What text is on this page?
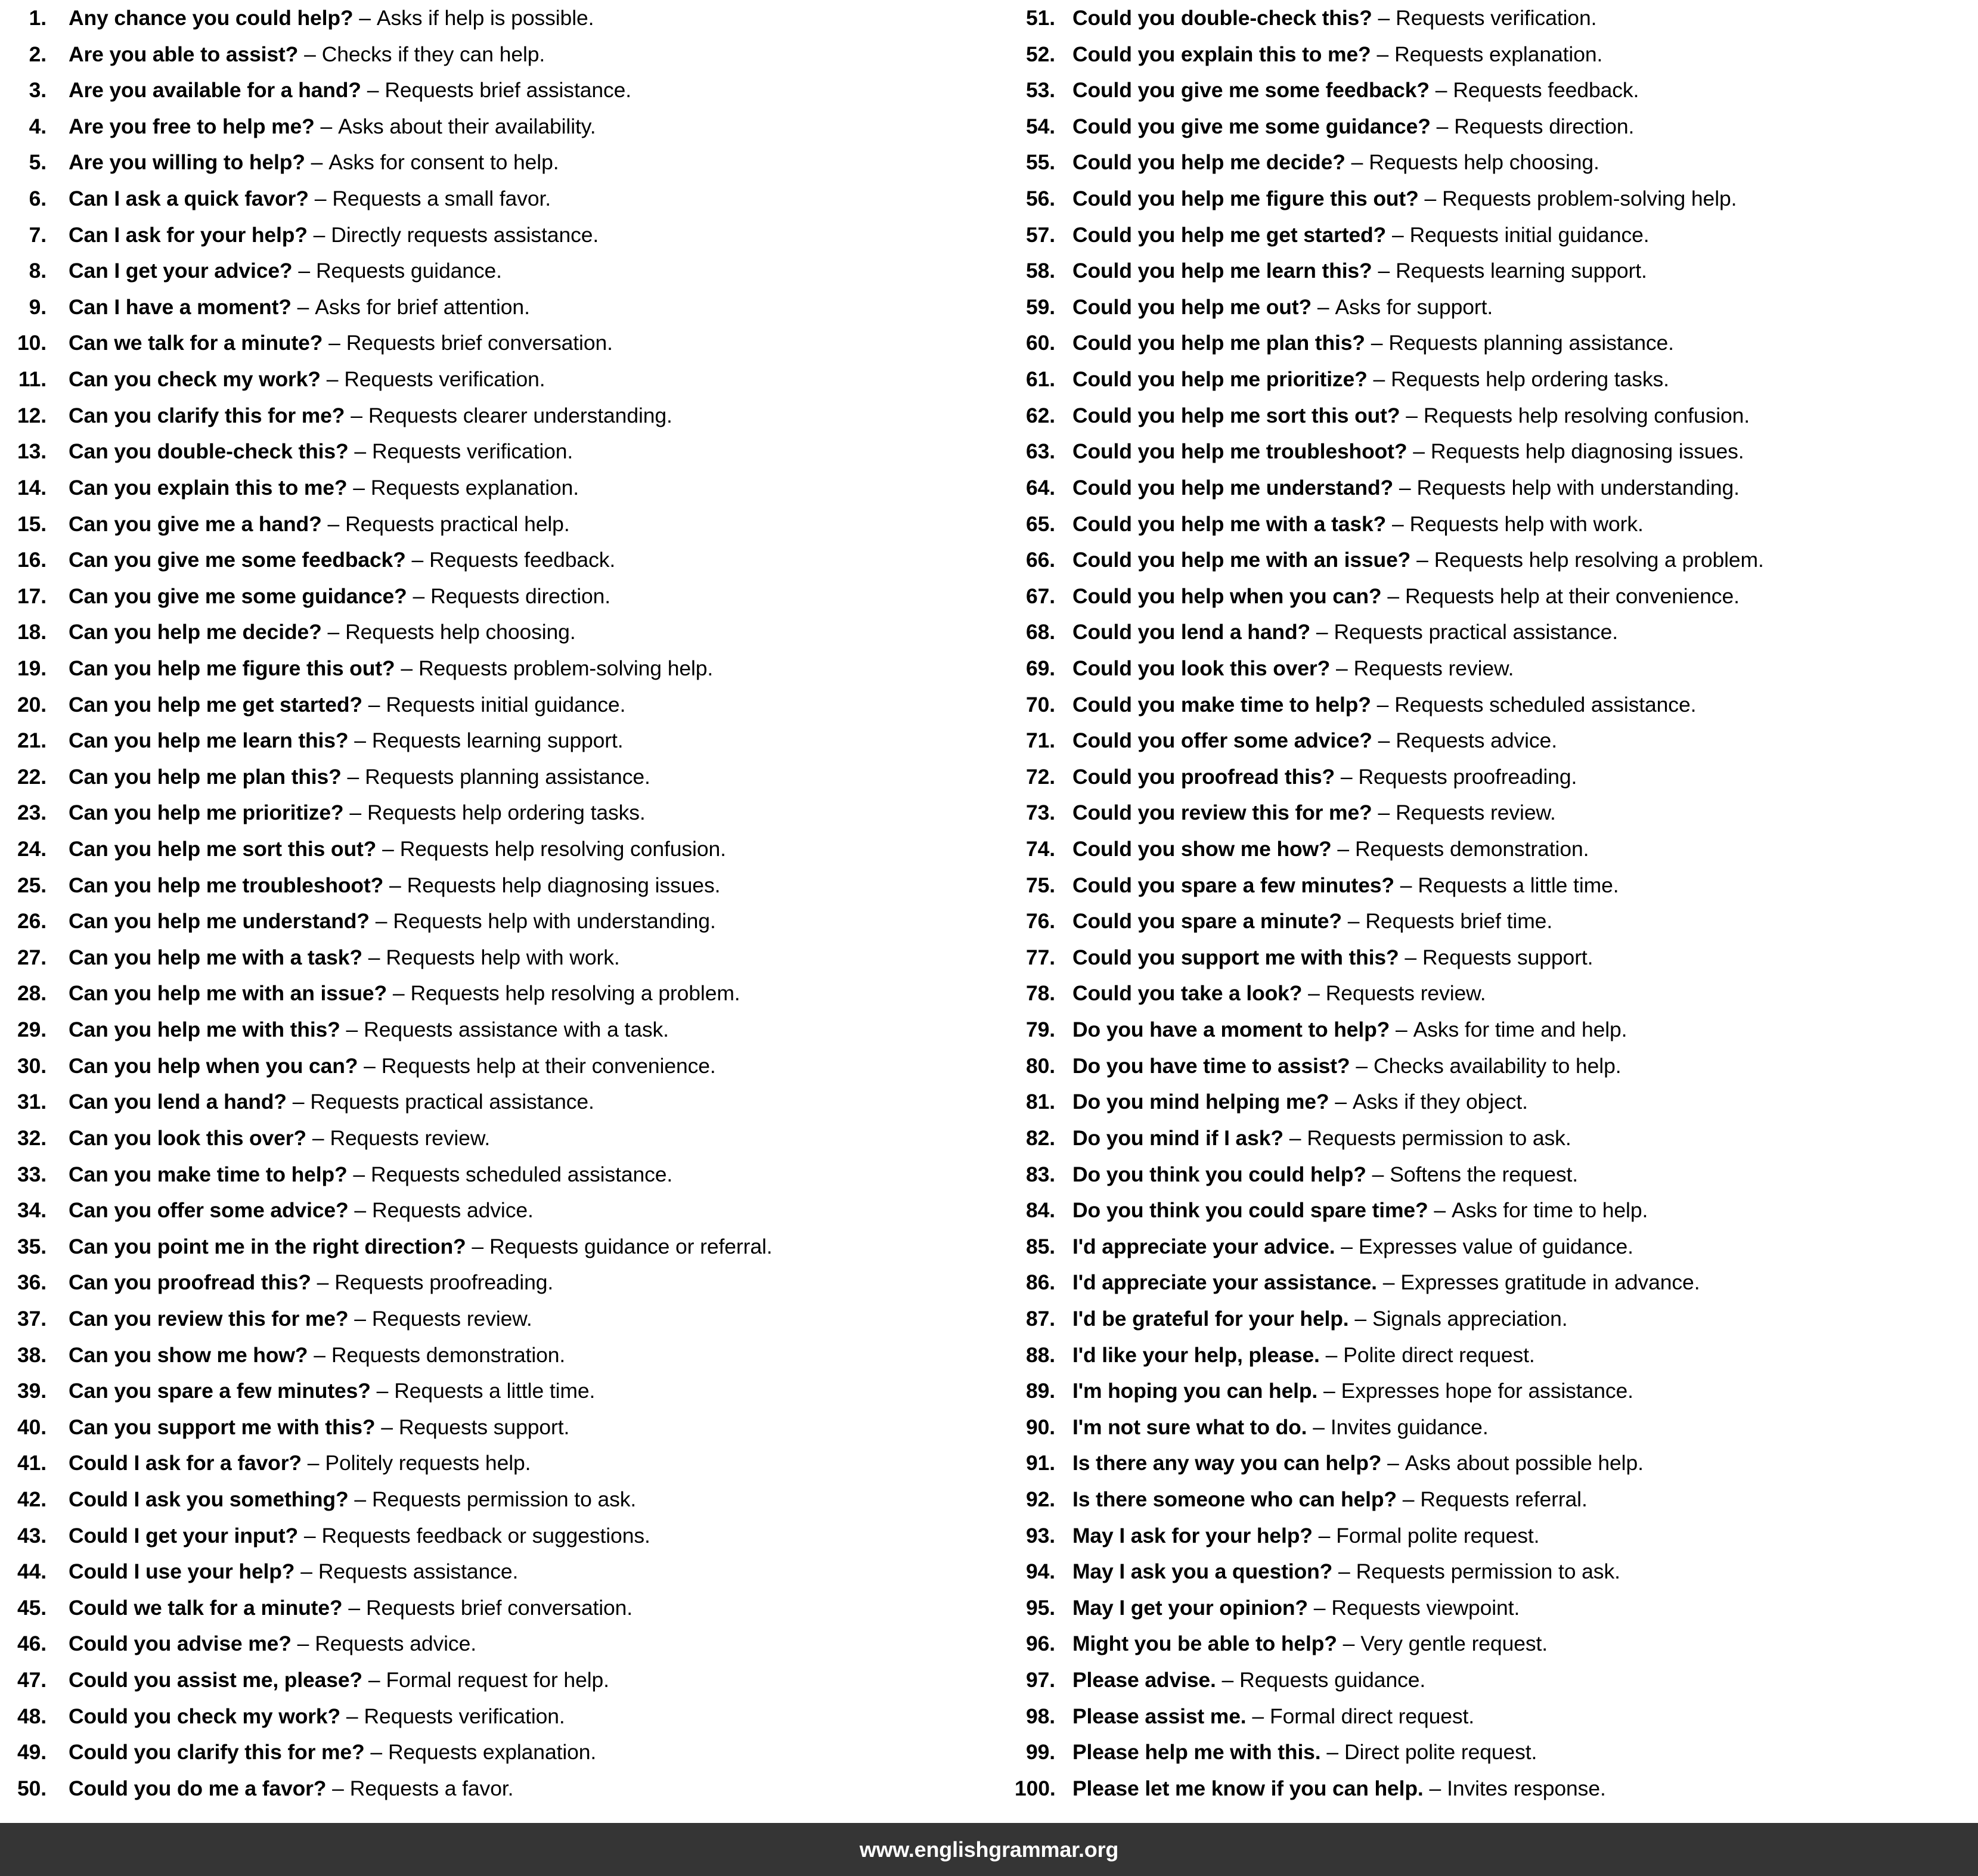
1. Any chance you could help? – Asks if help is possible.
2. Are you able to assist? – Checks if they can help.
3. Are you available for a hand? – Requests brief assistance.
4. Are you free to help me? – Asks about their availability.
5. Are you willing to help? – Asks for consent to help.
6. Can I ask a quick favor? – Requests a small favor.
7. Can I ask for your help? – Directly requests assistance.
8. Can I get your advice? – Requests guidance.
9. Can I have a moment? – Asks for brief attention.
10. Can we talk for a minute? – Requests brief conversation.
11. Can you check my work? – Requests verification.
12. Can you clarify this for me? – Requests clearer understanding.
13. Can you double-check this? – Requests verification.
14. Can you explain this to me? – Requests explanation.
15. Can you give me a hand? – Requests practical help.
16. Can you give me some feedback? – Requests feedback.
17. Can you give me some guidance? – Requests direction.
18. Can you help me decide? – Requests help choosing.
19. Can you help me figure this out? – Requests problem-solving help.
20. Can you help me get started? – Requests initial guidance.
21. Can you help me learn this? – Requests learning support.
22. Can you help me plan this? – Requests planning assistance.
23. Can you help me prioritize? – Requests help ordering tasks.
24. Can you help me sort this out? – Requests help resolving confusion.
25. Can you help me troubleshoot? – Requests help diagnosing issues.
26. Can you help me understand? – Requests help with understanding.
27. Can you help me with a task? – Requests help with work.
28. Can you help me with an issue? – Requests help resolving a problem.
29. Can you help me with this? – Requests assistance with a task.
30. Can you help when you can? – Requests help at their convenience.
31. Can you lend a hand? – Requests practical assistance.
32. Can you look this over? – Requests review.
33. Can you make time to help? – Requests scheduled assistance.
34. Can you offer some advice? – Requests advice.
35. Can you point me in the right direction? – Requests guidance or referral.
36. Can you proofread this? – Requests proofreading.
37. Can you review this for me? – Requests review.
38. Can you show me how? – Requests demonstration.
39. Can you spare a few minutes? – Requests a little time.
40. Can you support me with this? – Requests support.
41. Could I ask for a favor? – Politely requests help.
42. Could I ask you something? – Requests permission to ask.
43. Could I get your input? – Requests feedback or suggestions.
44. Could I use your help? – Requests assistance.
45. Could we talk for a minute? – Requests brief conversation.
46. Could you advise me? – Requests advice.
47. Could you assist me, please? – Formal request for help.
48. Could you check my work? – Requests verification.
49. Could you clarify this for me? – Requests explanation.
50. Could you do me a favor? – Requests a favor.
51. Could you double-check this? – Requests verification.
52. Could you explain this to me? – Requests explanation.
53. Could you give me some feedback? – Requests feedback.
54. Could you give me some guidance? – Requests direction.
55. Could you help me decide? – Requests help choosing.
56. Could you help me figure this out? – Requests problem-solving help.
57. Could you help me get started? – Requests initial guidance.
58. Could you help me learn this? – Requests learning support.
59. Could you help me out? – Asks for support.
60. Could you help me plan this? – Requests planning assistance.
61. Could you help me prioritize? – Requests help ordering tasks.
62. Could you help me sort this out? – Requests help resolving confusion.
63. Could you help me troubleshoot? – Requests help diagnosing issues.
64. Could you help me understand? – Requests help with understanding.
65. Could you help me with a task? – Requests help with work.
66. Could you help me with an issue? – Requests help resolving a problem.
67. Could you help when you can? – Requests help at their convenience.
68. Could you lend a hand? – Requests practical assistance.
69. Could you look this over? – Requests review.
70. Could you make time to help? – Requests scheduled assistance.
71. Could you offer some advice? – Requests advice.
72. Could you proofread this? – Requests proofreading.
73. Could you review this for me? – Requests review.
74. Could you show me how? – Requests demonstration.
75. Could you spare a few minutes? – Requests a little time.
76. Could you spare a minute? – Requests brief time.
77. Could you support me with this? – Requests support.
78. Could you take a look? – Requests review.
79. Do you have a moment to help? – Asks for time and help.
80. Do you have time to assist? – Checks availability to help.
81. Do you mind helping me? – Asks if they object.
82. Do you mind if I ask? – Requests permission to ask.
83. Do you think you could help? – Softens the request.
84. Do you think you could spare time? – Asks for time to help.
85. I'd appreciate your advice. – Expresses value of guidance.
86. I'd appreciate your assistance. – Expresses gratitude in advance.
87. I'd be grateful for your help. – Signals appreciation.
88. I'd like your help, please. – Polite direct request.
89. I'm hoping you can help. – Expresses hope for assistance.
90. I'm not sure what to do. – Invites guidance.
91. Is there any way you can help? – Asks about possible help.
92. Is there someone who can help? – Requests referral.
93. May I ask for your help? – Formal polite request.
94. May I ask you a question? – Requests permission to ask.
95. May I get your opinion? – Requests viewpoint.
96. Might you be able to help? – Very gentle request.
97. Please advise. – Requests guidance.
98. Please assist me. – Formal direct request.
99. Please help me with this. – Direct polite request.
100. Please let me know if you can help. – Invites response.
www.englishgrammar.org
